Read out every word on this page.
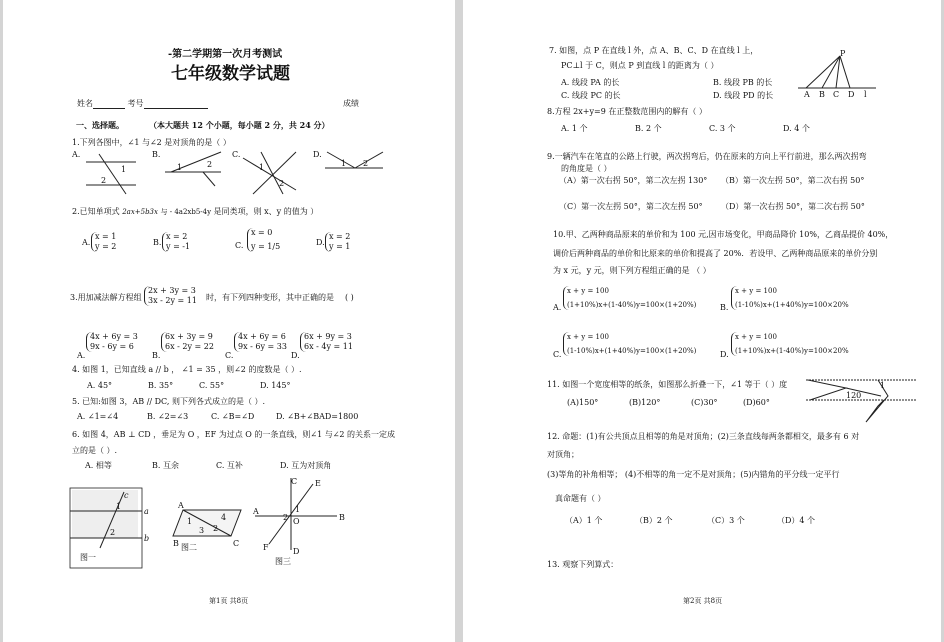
-第二学期第一次月考测试
七年级数学试题
姓名	考号	成绩
一、选择题。	（本大题共 12 个小题，每小题 2 分，共 24 分）
1.下列各图中，∠1 与∠2 是对顶角的是（ ）
A.	B.	C.	D.
1
2
1	2	1
2
1 2
2.已知单项式 2ax+5b3x 与 - 4a2xb5-4y 是同类项，则 x、y 的值为 ）
A.
x = 1
y = 2	B.
x = 2
y = -1	C.
x = 0
y = 1/5	D.
x = 2
y = 1
3.用加减法解方程组
2x + 3y = 3
3x - 2y = 11 时，有下列四种变形，其中正确的是 ( )
A.
4x + 6y = 3
9x - 6y = 6
B.
6x + 3y = 9
6x - 2y = 22
C.
4x + 6y = 6
9x - 6y = 33
D.
6x + 9y = 3
6x - 4y = 11
4. 如图 1，已知直线 a // b ， ∠1 = 35 ，则∠2 的度数是（ ）.
A. 45°	B. 35°	C. 55°	D. 145°
5. 已知:如图 3，AB // DC, 则下列各式成立的是（ ）.
A. ∠1=∠4	B. ∠2=∠3	C. ∠B=∠D	D. ∠B+∠BAD=1800
6. 如图 4，AB ⊥ CD ，垂足为 O ，EF 为过点 O 的一条直线，则∠1 与∠2 的关系一定成
立的是（ ）.
A. 相等	B. 互余	C. 互补	D. 互为对顶角
a
b
c
1
2
图一
A
B	C
1
3 2
4
图二
C E
A
B
O
1
2
F	D
图三
第1页 共8页
7. 如图，点 P 在直线 l 外，点 A、B、C、D 在直线 l 上，
PC⊥l 于 C，则点 P 到直线 l 的距离为（ ）
A. 线段 PA 的长	B. 线段 PB 的长
C. 线段 PC 的长	D. 线段 PD 的长
P
A B C D l
8.方程 2x+y=9 在正整数范围内的解有（ ）
A. 1 个	B. 2 个	C. 3 个	D. 4 个
9.一辆汽车在笔直的公路上行驶，两次拐弯后，仍在原来的方向上平行前进，那么两次拐弯
的角度是（ ）
（A）第一次右拐 50°，第二次左拐 130° （B）第一次左拐 50°，第二次右拐 50°
（C）第一次左拐 50°，第二次左拐 50° （D）第一次右拐 50°，第二次右拐 50°
10.甲、乙两种商品原来的单价和为 100 元,因市场变化，甲商品降价 10%，乙商品提价 40%，
调价后两种商品的单价和比原来的单价和提高了 20%．若设甲、乙两种商品原来的单价分别
为 x 元，y 元，则下列方程组正确的是 （ ）
A.
x + y = 100
(1+10%)x+(1-40%)y=100×(1+20%)	B.
x + y = 100
(1-10%)x+(1+40%)y=100×20%
C.
x + y = 100
(1-10%)x+(1+40%)y=100×(1+20%)	D.
x + y = 100
(1+10%)x+(1-40%)y=100×20%
11. 如图一个宽度相等的纸条，如图那么折叠一下，∠1 等于（ ）度
(A)150°	(B)120°	(C)30°	(D)60°
120
1
12. 命题：(1)有公共顶点且相等的角是对顶角；(2)三条直线每两条都相交，最多有 6 对
对顶角；
(3)等角的补角相等； (4)不相等的角一定不是对顶角；(5)内错角的平分线一定平行
真命题有（ ）
（A）1 个	（B）2 个	（C）3 个	（D）4 个
13. 观察下列算式：
第2页 共8页
